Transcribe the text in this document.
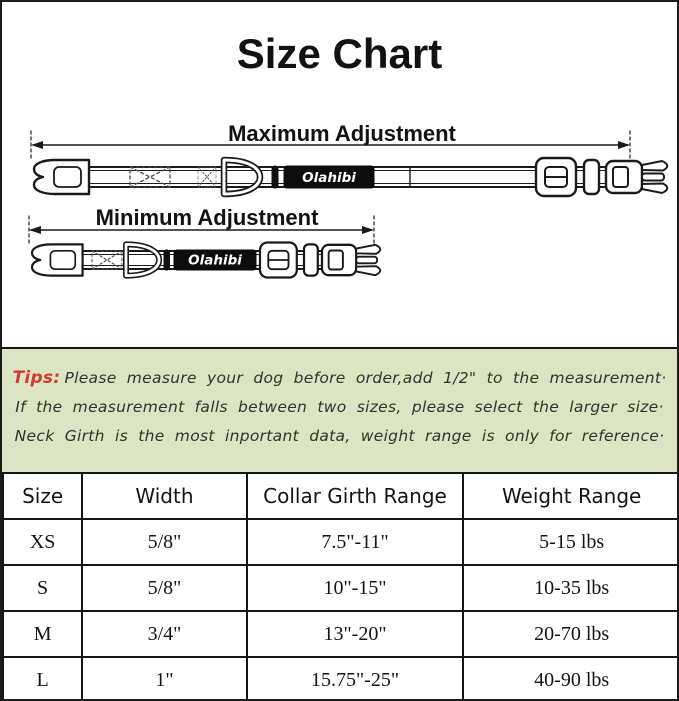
Size Chart
Maximum Adjustment
Olahibi
Minimum Adjustment
Olahibi
Tips: Please measure your dog before order,add 1/2" to the measurement·
If the measurement falls between two sizes, please select the larger size·
Neck Girth is the most inportant data, weight range is only for reference·
Size	Width	Collar Girth Range	Weight Range
XS	5/8"	7.5"-11"	5-15 lbs
S	5/8"	10"-15"	10-35 lbs
M	3/4"	13"-20"	20-70 lbs
L	1"	15.75"-25"	40-90 lbs
